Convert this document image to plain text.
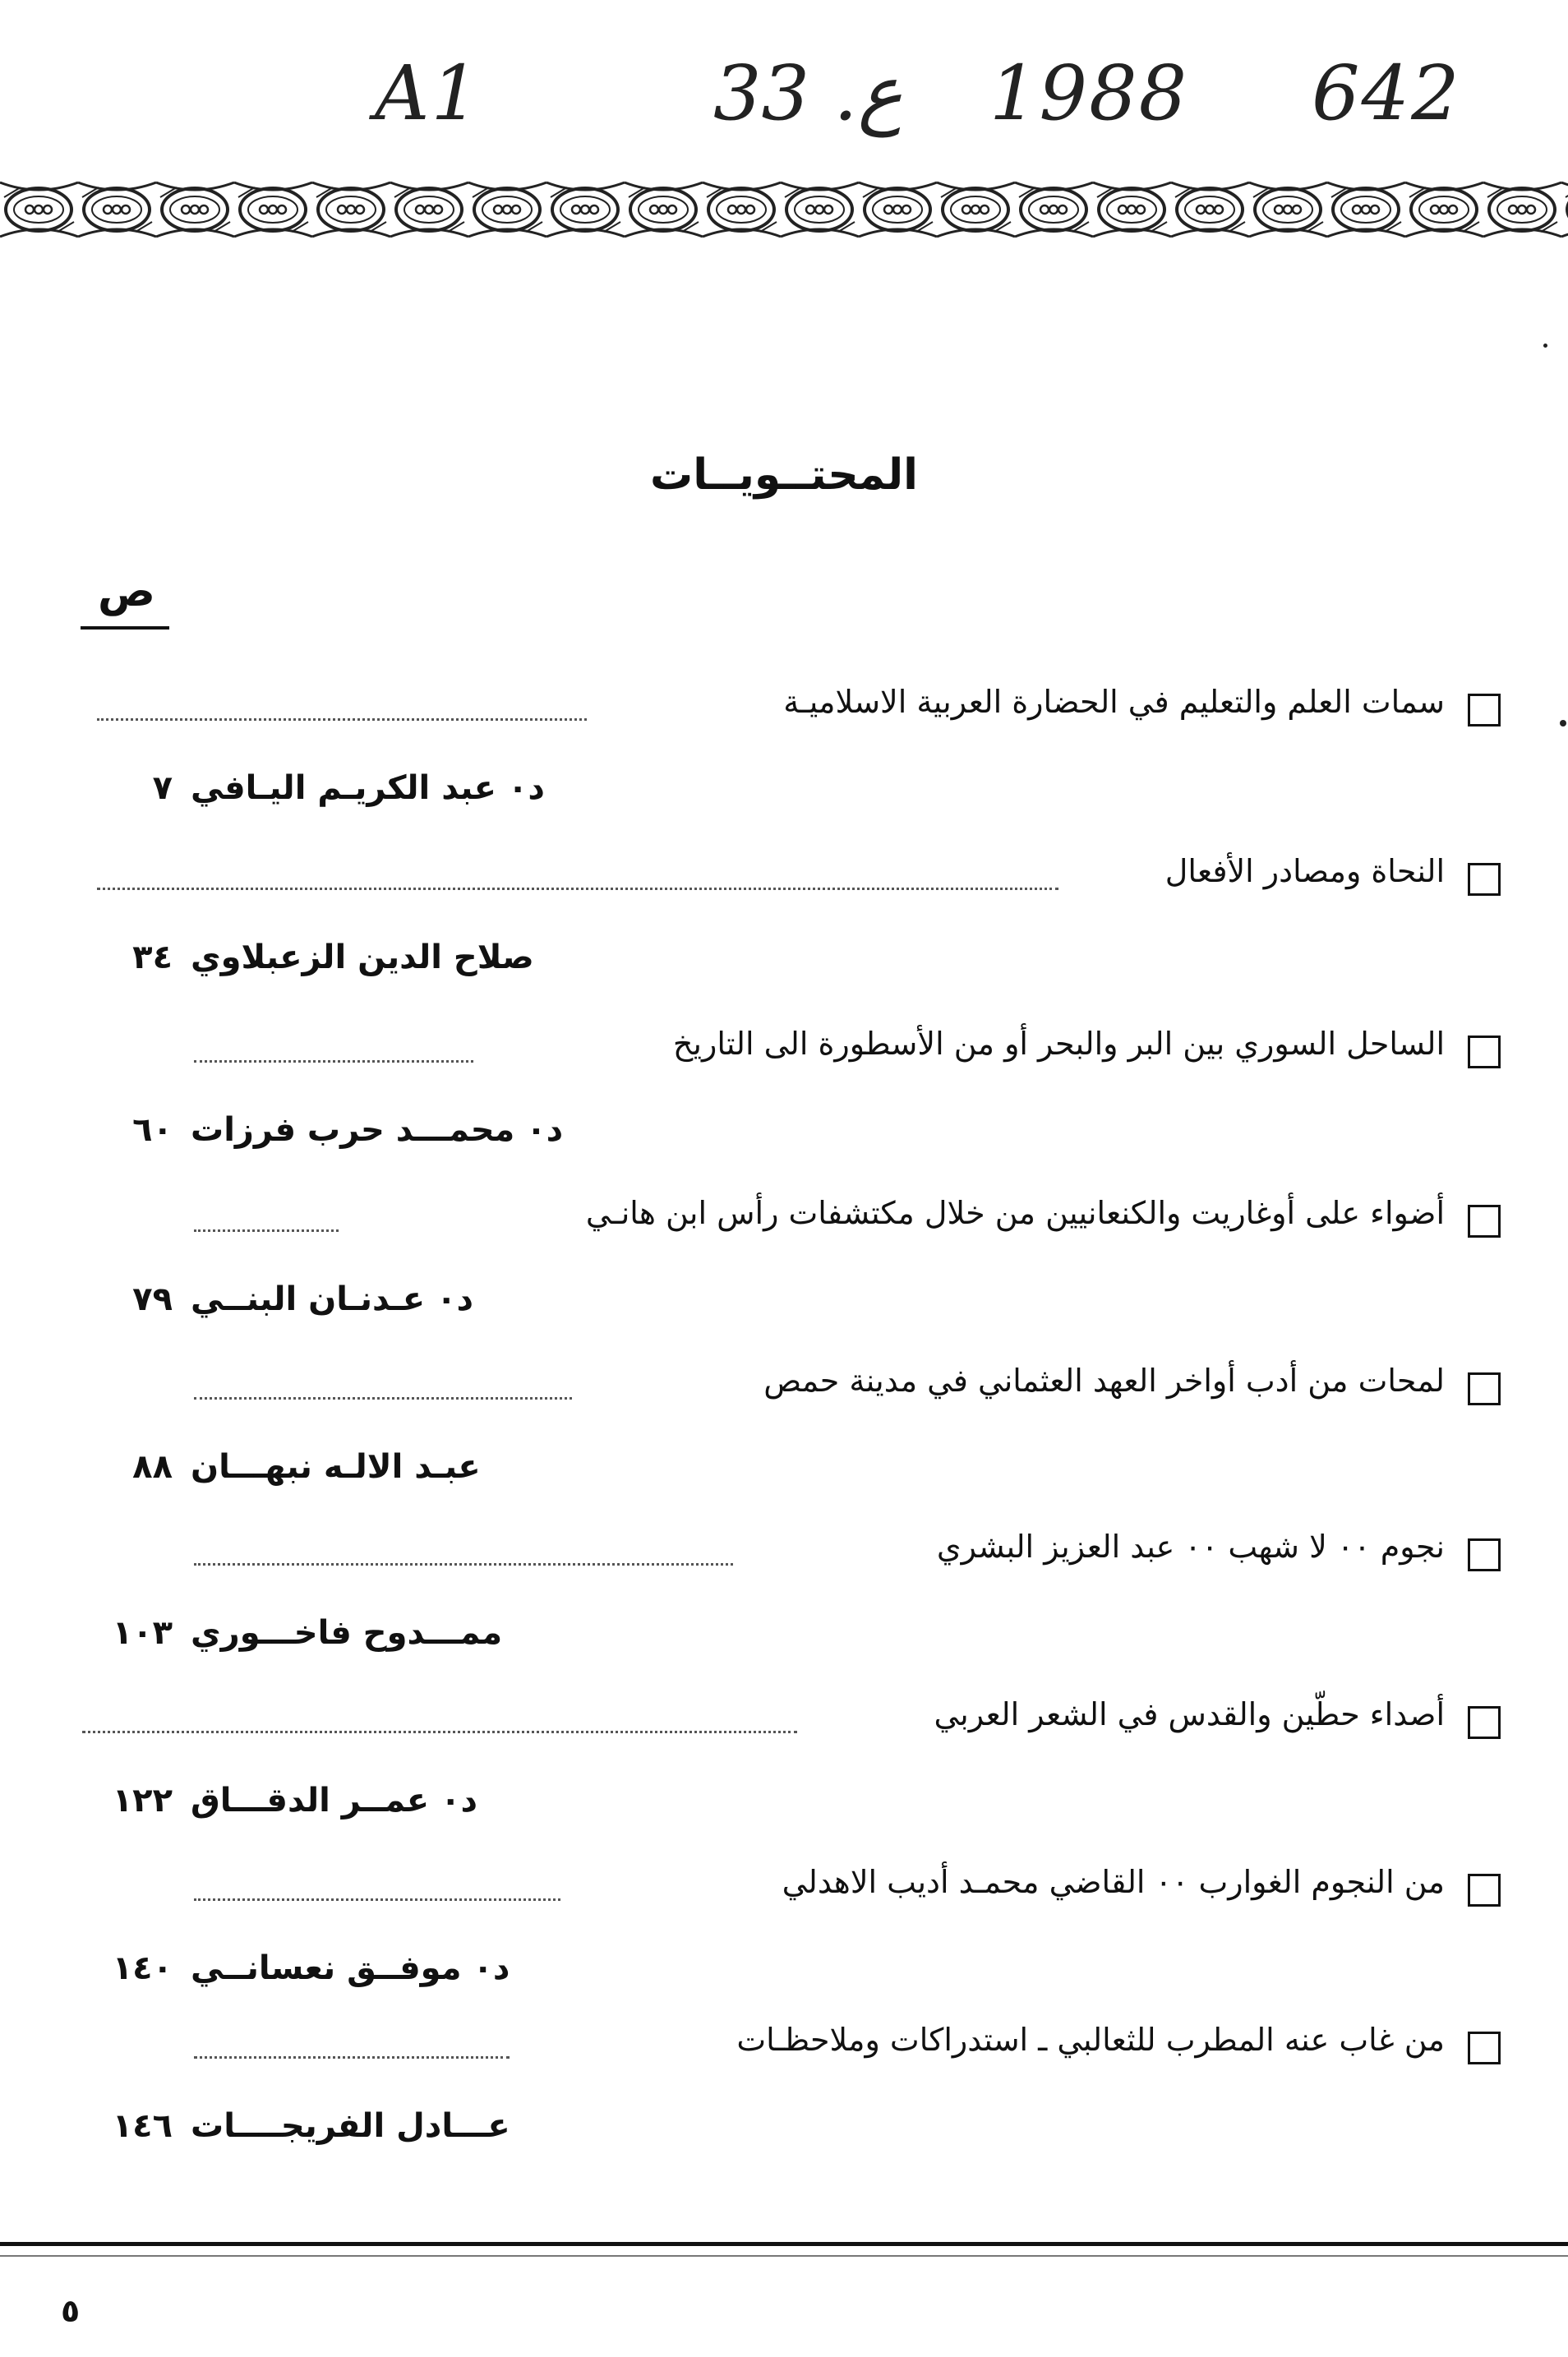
A1	33 .ع 1988 642
المحتــويــات
ص
سمات العلم والتعليم في الحضارة العربية الاسلاميـة
د٠ عبد الكريـم اليـافي
٧
النحاة ومصادر الأفعال
صلاح الدين الزعبلاوي
٣٤
الساحل السوري بين البر والبحر أو من الأسطورة الى التاريخ
د٠ محمـــد حرب فرزات
٦٠
أضواء على أوغاريت والكنعانيين من خلال مكتشفات رأس ابن هانـي
د٠ عـدنـان البنــي
٧٩
لمحات من أدب أواخر العهد العثماني في مدينة حمص
عبـد الالـه نبهـــان
٨٨
نجوم ٠٠ لا شهب ٠٠ عبد العزيز البشري
ممـــدوح فاخـــوري
١٠٣
أصداء حطّين والقدس في الشعر العربي
د٠ عمــر الدقـــاق
١٢٢
من النجوم الغوارب ٠٠ القاضي محمـد أديب الاهدلي
د٠ موفــق نعسانــي
١٤٠
من غاب عنه المطرب للثعالبي ـ استدراكات وملاحظـات
عـــادل الفريجــــات
١٤٦
٥
